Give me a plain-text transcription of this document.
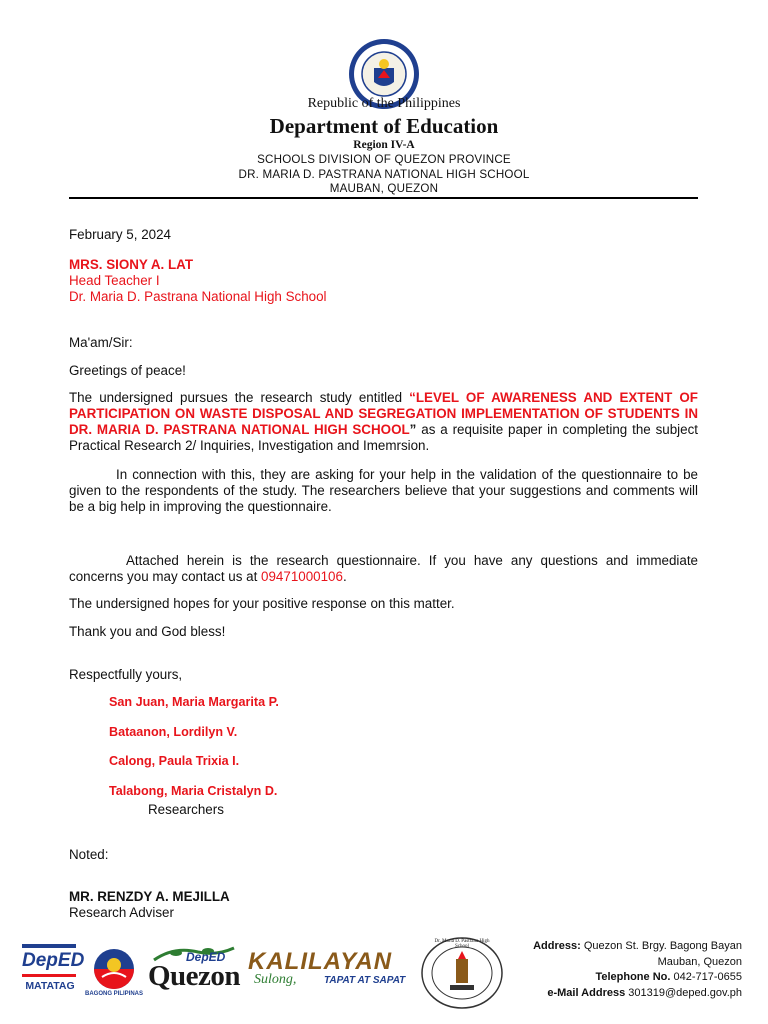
Republic of the Philippines
Department of Education
Region IV-A
SCHOOLS DIVISION OF QUEZON PROVINCE
DR. MARIA D. PASTRANA NATIONAL HIGH SCHOOL
MAUBAN, QUEZON
February 5, 2024
MRS. SIONY A. LAT
Head Teacher I
Dr. Maria D. Pastrana National High School
Ma'am/Sir:
Greetings of peace!
The undersigned pursues the research study entitled “LEVEL OF AWARENESS AND EXTENT OF PARTICIPATION ON WASTE DISPOSAL AND SEGREGATION IMPLEMENTATION OF STUDENTS IN DR. MARIA D. PASTRANA NATIONAL HIGH SCHOOL” as a requisite paper in completing the subject Practical Research 2/ Inquiries, Investigation and Imemrsion.
In connection with this, they are asking for your help in the validation of the questionnaire to be given to the respondents of the study. The researchers believe that your suggestions and comments will be a big help in improving the questionnaire.
Attached herein is the research questionnaire. If you have any questions and immediate concerns you may contact us at 09471000106.
The undersigned hopes for your positive response on this matter.
Thank you and God bless!
Respectfully yours,
San Juan, Maria Margarita P.
Bataanon, Lordilyn V.
Calong, Paula Trixia I.
Talabong, Maria Cristalyn D.
Researchers
Noted:
MR. RENZDY A. MEJILLA
Research Adviser
DepED
MATATAG
BAGONG PILIPINAS
DepED
Quezon KALILAYAN
Sulong,	TAPAT AT SAPAT
Dr. Maria D. Pastrana High School	Address: Quezon St. Brgy. Bagong Bayan
Mauban, Quezon
Telephone No. 042-717-0655
e-Mail Address 301319@deped.gov.ph
